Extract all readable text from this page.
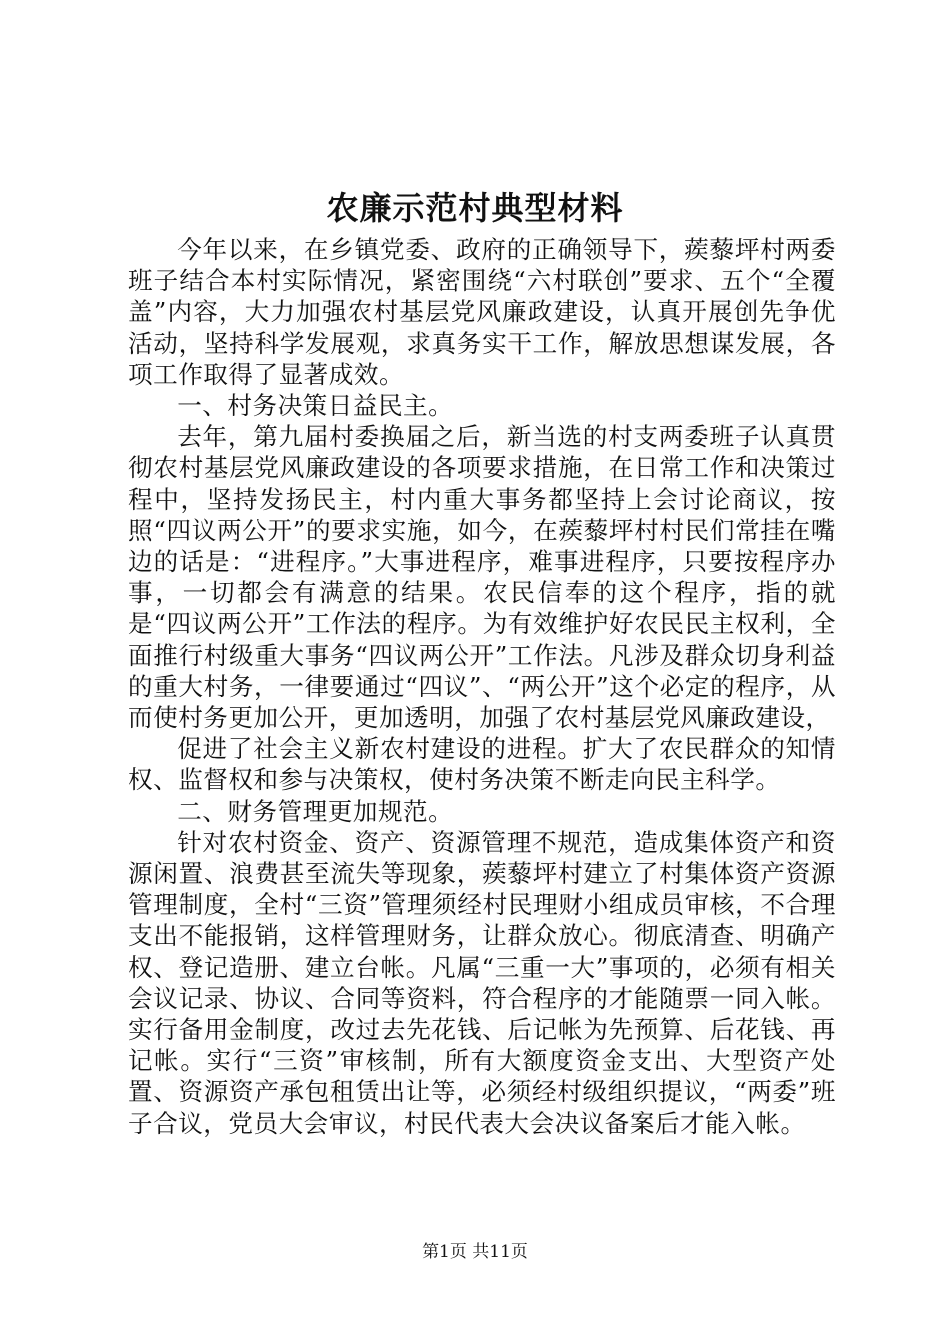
农廉示范村典型材料

今年以来，在乡镇党委、政府的正确领导下，蒺藜坪村两委班子结合本村实际情况，紧密围绕“六村联创”要求、五个“全覆盖”内容，大力加强农村基层党风廉政建设，认真开展创先争优活动，坚持科学发展观，求真务实干工作，解放思想谋发展，各项工作取得了显著成效。

一、村务决策日益民主。

去年，第九届村委换届之后，新当选的村支两委班子认真贯彻农村基层党风廉政建设的各项要求措施，在日常工作和决策过程中，坚持发扬民主，村内重大事务都坚持上会讨论商议，按照“四议两公开”的要求实施，如今，在蒺藜坪村村民们常挂在嘴边的话是：“进程序。”大事进程序，难事进程序，只要按程序办事，一切都会有满意的结果。农民信奉的这个程序，指的就是“四议两公开”工作法的程序。为有效维护好农民民主权利，全面推行村级重大事务“四议两公开”工作法。凡涉及群众切身利益的重大村务，一律要通过“四议”、“两公开”这个必定的程序，从而使村务更加公开，更加透明，加强了农村基层党风廉政建设，

促进了社会主义新农村建设的进程。扩大了农民群众的知情权、监督权和参与决策权，使村务决策不断走向民主科学。

二、财务管理更加规范。

针对农村资金、资产、资源管理不规范，造成集体资产和资源闲置、浪费甚至流失等现象，蒺藜坪村建立了村集体资产资源管理制度，全村“三资”管理须经村民理财小组成员审核，不合理支出不能报销，这样管理财务，让群众放心。彻底清查、明确产权、登记造册、建立台帐。凡属“三重一大”事项的，必须有相关会议记录、协议、合同等资料，符合程序的才能随票一同入帐。实行备用金制度，改过去先花钱、后记帐为先预算、后花钱、再记帐。实行“三资”审核制，所有大额度资金支出、大型资产处置、资源资产承包租赁出让等，必须经村级组织提议，“两委”班子合议，党员大会审议，村民代表大会决议备案后才能入帐。

第1页 共11页
